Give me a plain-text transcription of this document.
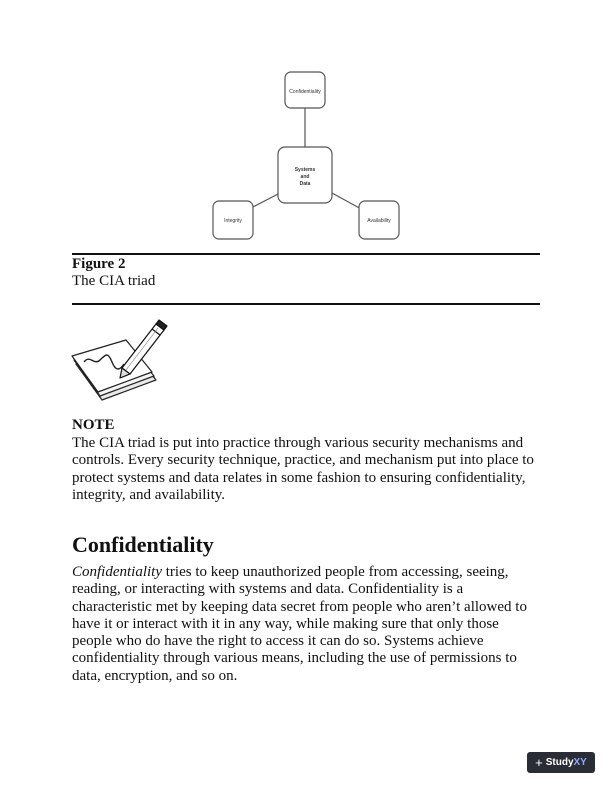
Confidentiality
Systems
and
Data
Integrity	Availability
Figure 2
The CIA triad
NOTE
The CIA triad is put into practice through various security mechanisms and controls. Every security technique, practice, and mechanism put into place to protect systems and data relates in some fashion to ensuring confidentiality, integrity, and availability.
Confidentiality
Confidentiality tries to keep unauthorized people from accessing, seeing, reading, or interacting with systems and data. Confidentiality is a characteristic met by keeping data secret from people who aren’t allowed to have it or interact with it in any way, while making sure that only those people who do have the right to access it can do so. Systems achieve confidentiality through various means, including the use of permissions to data, encryption, and so on.
+ Study XY
